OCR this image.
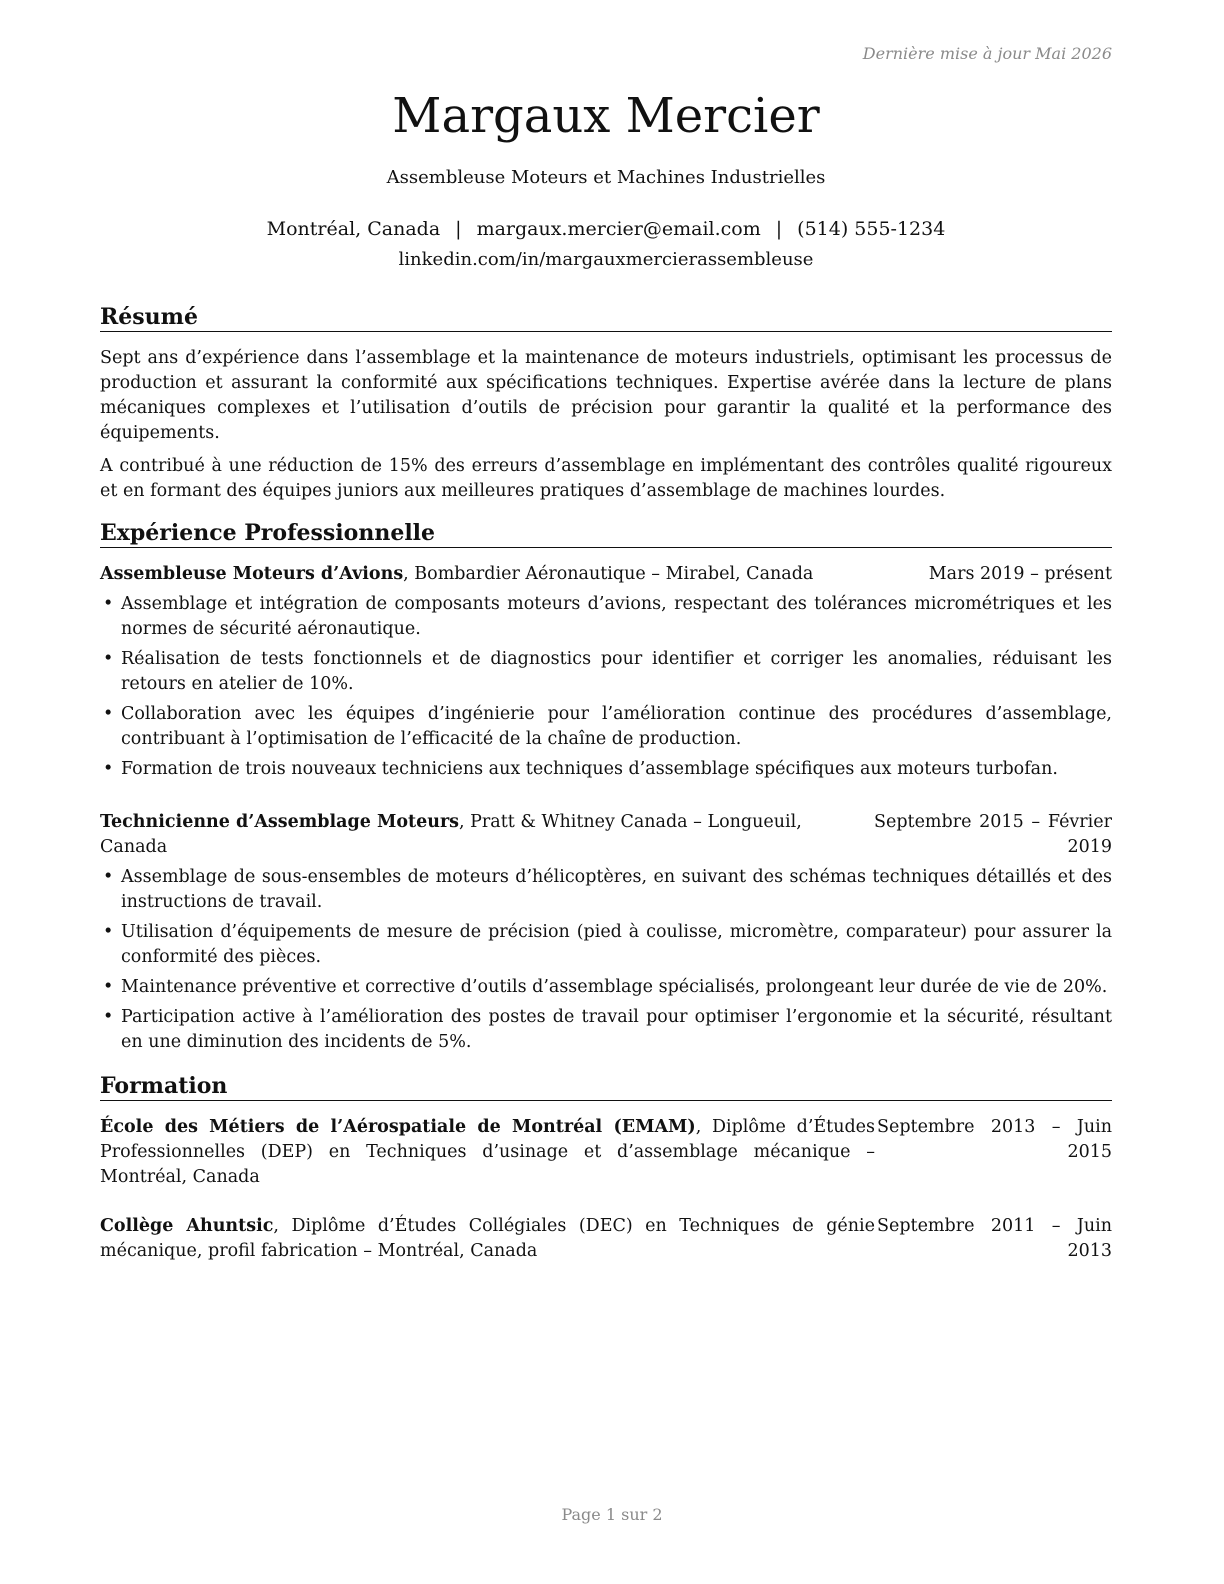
Dernière mise à jour Mai 2026
Margaux Mercier
Assembleuse Moteurs et Machines Industrielles
Montréal, Canada | margaux.mercier@email.com | (514) 555-1234
linkedin.com/in/margauxmercierassembleuse
Résumé

Sept ans d’expérience dans l’assemblage et la maintenance de moteurs industriels, optimisant les processus de production et assurant la conformité aux spécifications techniques. Expertise avérée dans la lecture de plans mécaniques complexes et l’utilisation d’outils de précision pour garantir la qualité et la performance des équipements.

A contribué à une réduction de 15% des erreurs d’assemblage en implémentant des contrôles qualité rigoureux et en formant des équipes juniors aux meilleures pratiques d’assemblage de machines lourdes.

Expérience Professionnelle
Assembleuse Moteurs d’Avions, Bombardier Aéronautique – Mirabel, Canada	Mars 2019 – présent
• Assemblage et intégration de composants moteurs d’avions, respectant des tolérances micrométriques et les normes de sécurité aéronautique.
• Réalisation de tests fonctionnels et de diagnostics pour identifier et corriger les anomalies, réduisant les retours en atelier de 10%.
• Collaboration avec les équipes d’ingénierie pour l’amélioration continue des procédures d’assemblage, contribuant à l’optimisation de l’efficacité de la chaîne de production.
• Formation de trois nouveaux techniciens aux techniques d’assemblage spécifiques aux moteurs turbofan.
Technicienne d’Assemblage Moteurs, Pratt & Whitney Canada – Longueuil, Canada
Septembre 2015 – Février 2019
• Assemblage de sous-ensembles de moteurs d’hélicoptères, en suivant des schémas techniques détaillés et des instructions de travail.
• Utilisation d’équipements de mesure de précision (pied à coulisse, micromètre, comparateur) pour assurer la conformité des pièces.
• Maintenance préventive et corrective d’outils d’assemblage spécialisés, prolongeant leur durée de vie de 20%.
• Participation active à l’amélioration des postes de travail pour optimiser l’ergonomie et la sécurité, résultant en une diminution des incidents de 5%.
Formation
École des Métiers de l’Aérospatiale de Montréal (EMAM), Diplôme d’Études Professionnelles (DEP) en Techniques d’usinage et d’assemblage mécanique – Montréal, Canada
Septembre 2013 – Juin 2015
Collège Ahuntsic, Diplôme d’Études Collégiales (DEC) en Techniques de génie mécanique, profil fabrication – Montréal, Canada
Septembre 2011 – Juin 2013
Page 1 sur 2
